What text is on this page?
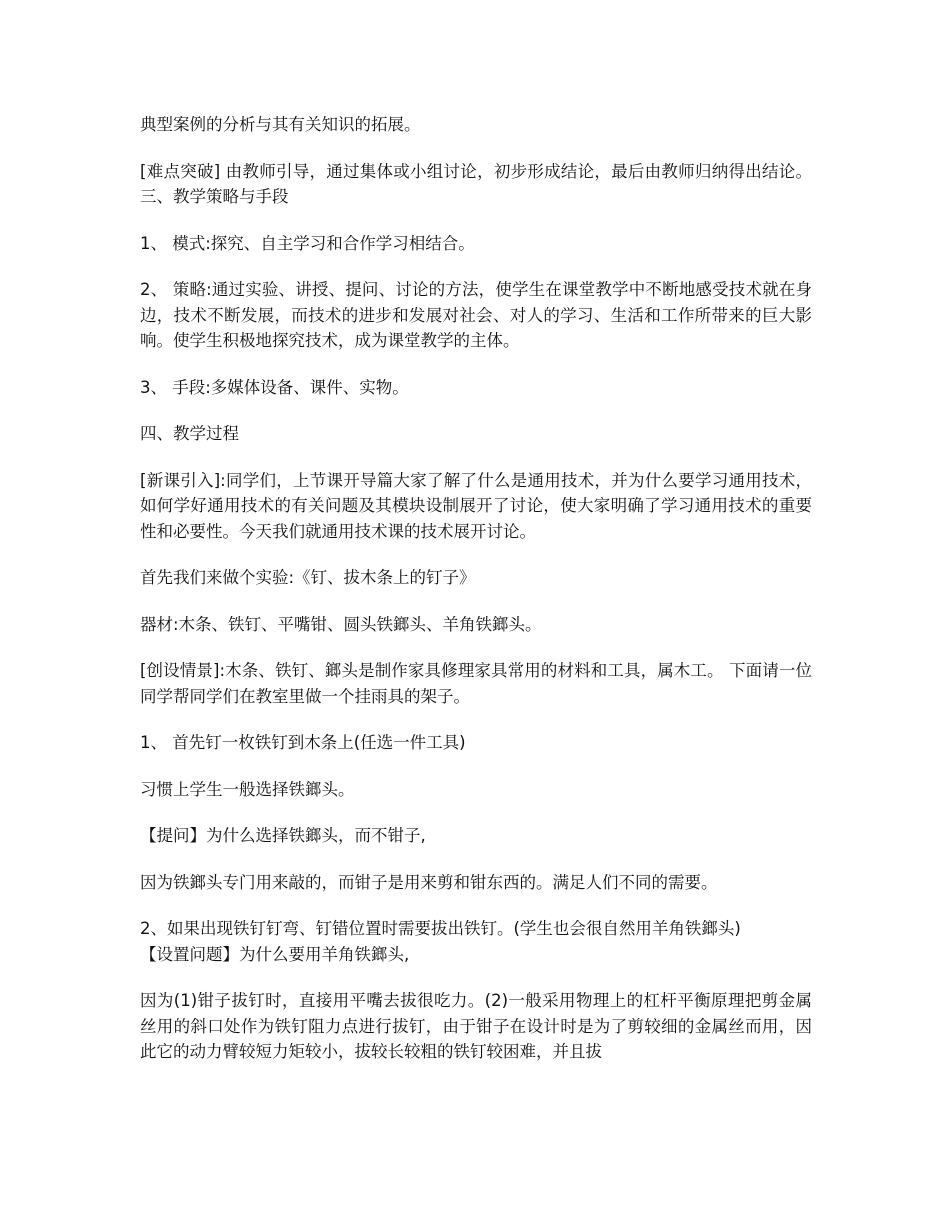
典型案例的分析与其有关知识的拓展。

[难点突破] 由教师引导，通过集体或小组讨论，初步形成结论，最后由教师归纳得出结论。 三、教学策略与手段

1、 模式:探究、自主学习和合作学习相结合。

2、 策略:通过实验、讲授、提问、讨论的方法，使学生在课堂教学中不断地感受技术就在身边，技术不断发展，而技术的进步和发展对社会、对人的学习、生活和工作所带来的巨大影响。使学生积极地探究技术，成为课堂教学的主体。

3、 手段:多媒体设备、课件、实物。

四、教学过程

[新课引入]:同学们，上节课开导篇大家了解了什么是通用技术，并为什么要学习通用技术，如何学好通用技术的有关问题及其模块设制展开了讨论，使大家明确了学习通用技术的重要性和必要性。今天我们就通用技术课的技术展开讨论。

首先我们来做个实验:《钉、拔木条上的钉子》

器材:木条、铁钉、平嘴钳、圆头铁鎯头、羊角铁鎯头。

[创设情景]:木条、铁钉、鎯头是制作家具修理家具常用的材料和工具，属木工。 下面请一位同学帮同学们在教室里做一个挂雨具的架子。

1、 首先钉一枚铁钉到木条上(任选一件工具)

习惯上学生一般选择铁鎯头。

【提问】为什么选择铁鎯头，而不钳子,

因为铁鎯头专门用来敲的，而钳子是用来剪和钳东西的。满足人们不同的需要。

2、如果出现铁钉钉弯、钉错位置时需要拔出铁钉。(学生也会很自然用羊角铁鎯头)

【设置问题】为什么要用羊角铁鎯头,

因为(1)钳子拔钉时，直接用平嘴去拔很吃力。(2)一般采用物理上的杠杆平衡原理把剪金属丝用的斜口处作为铁钉阻力点进行拔钉，由于钳子在设计时是为了剪较细的金属丝而用，因此它的动力臂较短力矩较小，拔较长较粗的铁钉较困难，并且拔
